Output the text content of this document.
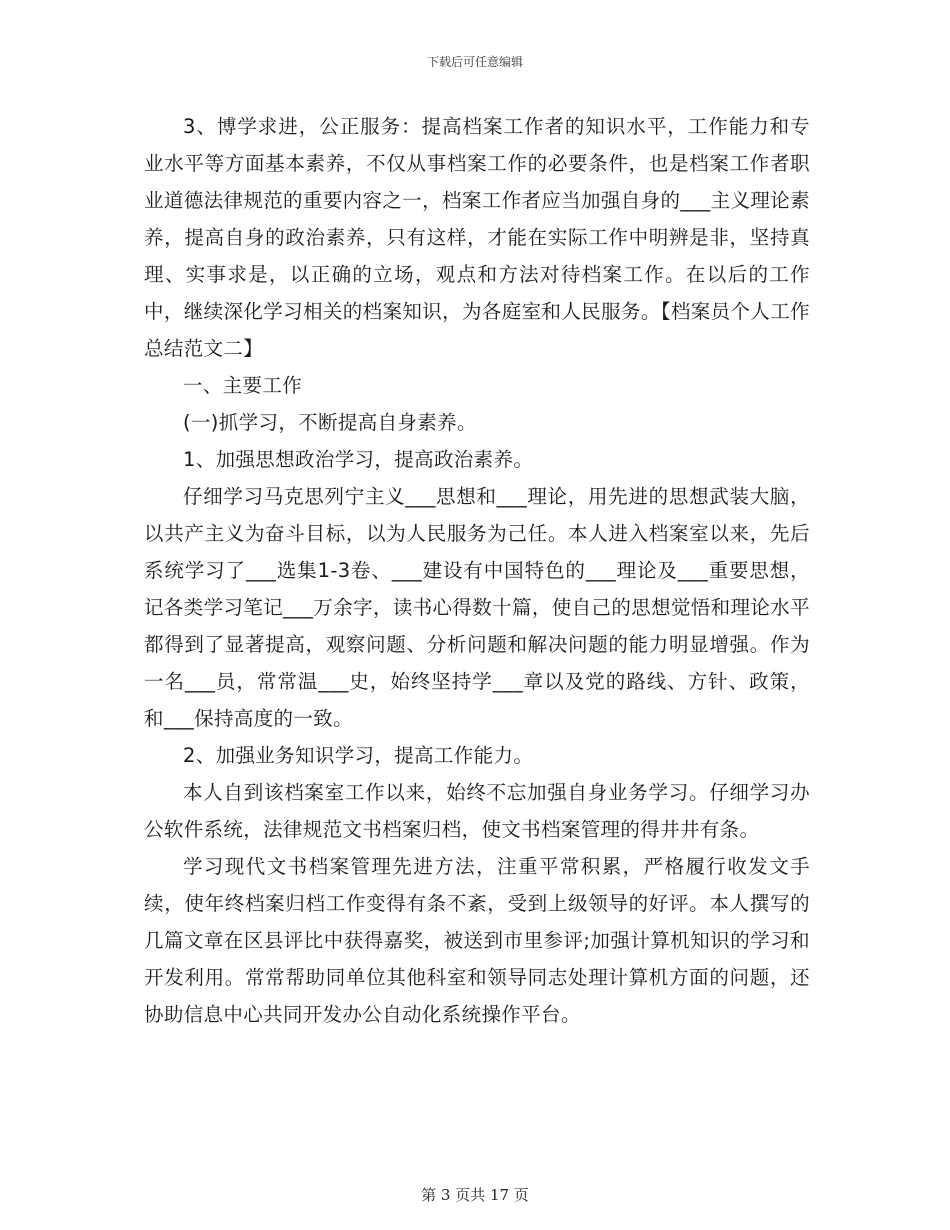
下载后可任意编辑

3、博学求进，公正服务：提高档案工作者的知识水平，工作能力和专业水平等方面基本素养，不仅从事档案工作的必要条件，也是档案工作者职业道德法律规范的重要内容之一，档案工作者应当加强自身的___主义理论素养，提高自身的政治素养，只有这样，才能在实际工作中明辨是非，坚持真理、实事求是，以正确的立场，观点和方法对待档案工作。在以后的工作中，继续深化学习相关的档案知识，为各庭室和人民服务。【档案员个人工作总结范文二】

一、主要工作

(一)抓学习，不断提高自身素养。

1、加强思想政治学习，提高政治素养。

仔细学习马克思列宁主义___思想和___理论，用先进的思想武装大脑，以共产主义为奋斗目标，以为人民服务为己任。本人进入档案室以来，先后系统学习了___选集1-3卷、___建设有中国特色的___理论及___重要思想，记各类学习笔记___万余字，读书心得数十篇，使自己的思想觉悟和理论水平都得到了显著提高，观察问题、分析问题和解决问题的能力明显增强。作为一名___员，常常温___史，始终坚持学___章以及党的路线、方针、政策，和___保持高度的一致。

2、加强业务知识学习，提高工作能力。

本人自到该档案室工作以来，始终不忘加强自身业务学习。仔细学习办公软件系统，法律规范文书档案归档，使文书档案管理的得井井有条。

学习现代文书档案管理先进方法，注重平常积累，严格履行收发文手续，使年终档案归档工作变得有条不紊，受到上级领导的好评。本人撰写的几篇文章在区县评比中获得嘉奖，被送到市里参评;加强计算机知识的学习和开发利用。常常帮助同单位其他科室和领导同志处理计算机方面的问题，还协助信息中心共同开发办公自动化系统操作平台。

第 3 页共 17 页
